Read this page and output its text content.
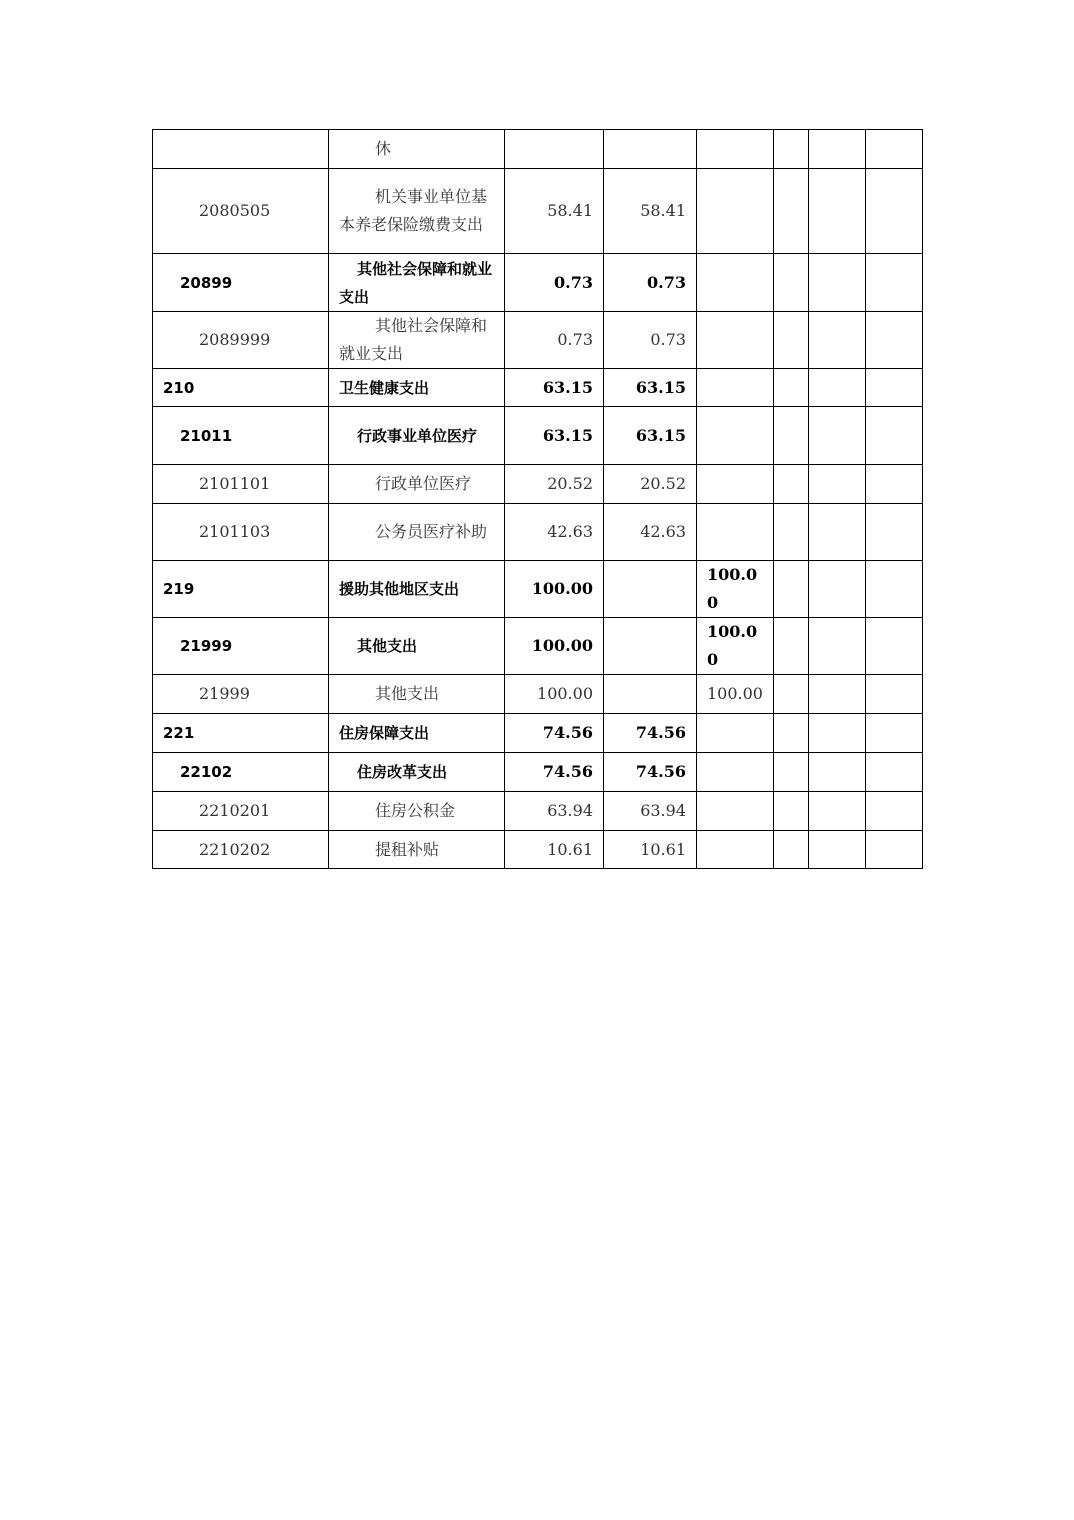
	休						
2080505	机关事业单位基本养老保险缴费支出	58.41	58.41				
20899	其他社会保障和就业支出	0.73	0.73				
2089999	其他社会保障和就业支出	0.73	0.73				
210	卫生健康支出	63.15	63.15				
21011	行政事业单位医疗	63.15	63.15				
2101101	行政单位医疗	20.52	20.52				
2101103	公务员医疗补助	42.63	42.63				
219	援助其他地区支出	100.00		100.00			
21999	其他支出	100.00		100.00			
21999	其他支出	100.00		100.00			
221	住房保障支出	74.56	74.56				
22102	住房改革支出	74.56	74.56				
2210201	住房公积金	63.94	63.94				
2210202	提租补贴	10.61	10.61				
